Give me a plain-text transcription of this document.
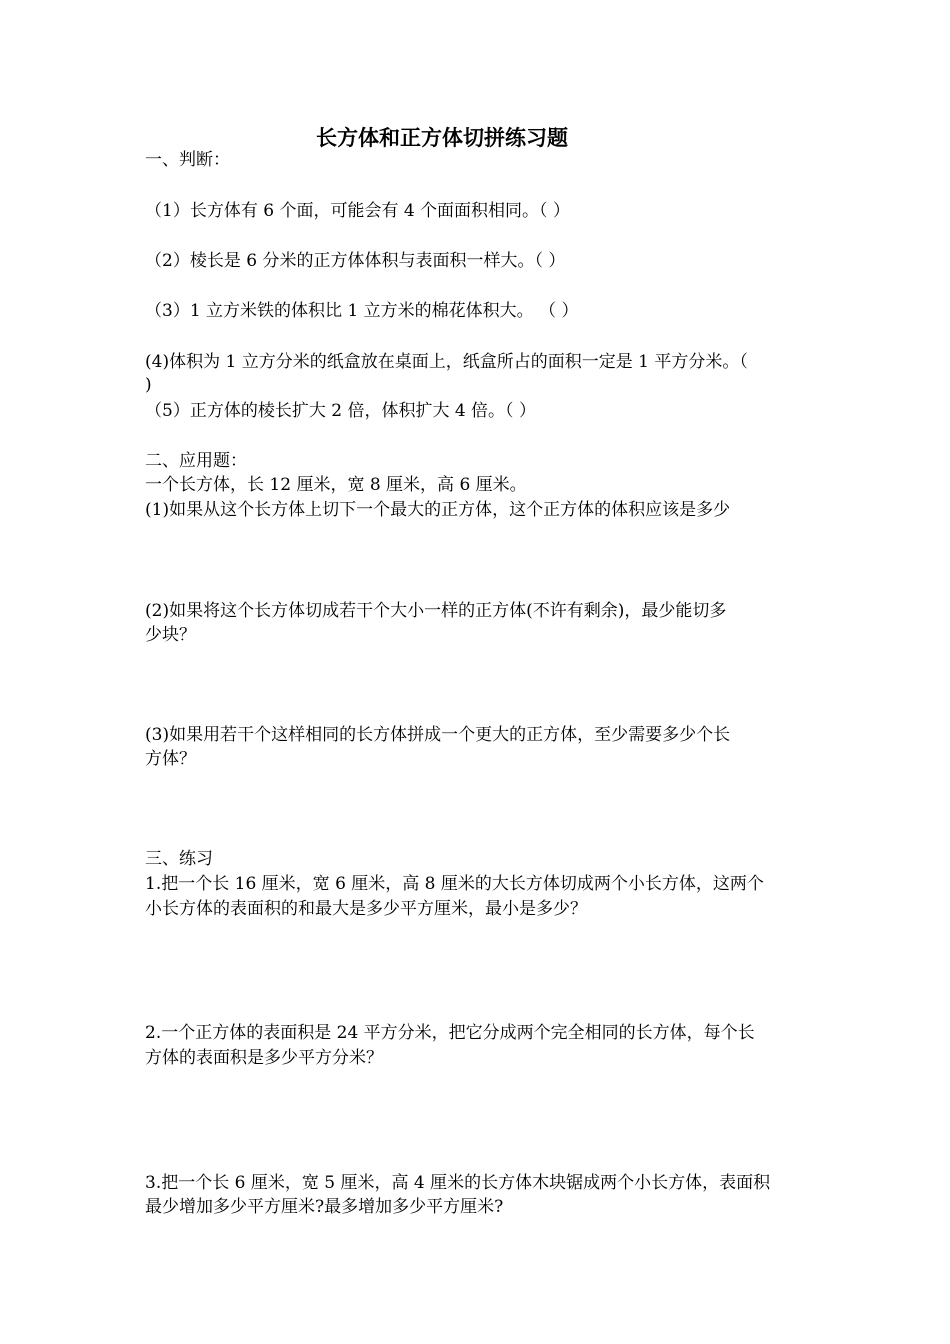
长方体和正方体切拼练习题
一、判断：
（1）长方体有 6 个面，可能会有 4 个面面积相同。（ ）
（2）棱长是 6 分米的正方体体积与表面积一样大。（ ）
（3）1 立方米铁的体积比 1 立方米的棉花体积大。 （ ）
(4)体积为 1 立方分米的纸盒放在桌面上，纸盒所占的面积一定是 1 平方分米。（
)
（5）正方体的棱长扩大 2 倍，体积扩大 4 倍。（ ）
二、应用题：
一个长方体，长 12 厘米，宽 8 厘米，高 6 厘米。
(1)如果从这个长方体上切下一个最大的正方体，这个正方体的体积应该是多少
(2)如果将这个长方体切成若干个大小一样的正方体(不许有剩余)，最少能切多
少块？
(3)如果用若干个这样相同的长方体拼成一个更大的正方体，至少需要多少个长
方体？
三、练习
1.把一个长 16 厘米，宽 6 厘米，高 8 厘米的大长方体切成两个小长方体，这两个
小长方体的表面积的和最大是多少平方厘米，最小是多少？
2.一个正方体的表面积是 24 平方分米，把它分成两个完全相同的长方体，每个长
方体的表面积是多少平方分米？
3.把一个长 6 厘米，宽 5 厘米，高 4 厘米的长方体木块锯成两个小长方体，表面积
最少增加多少平方厘米?最多增加多少平方厘米?
